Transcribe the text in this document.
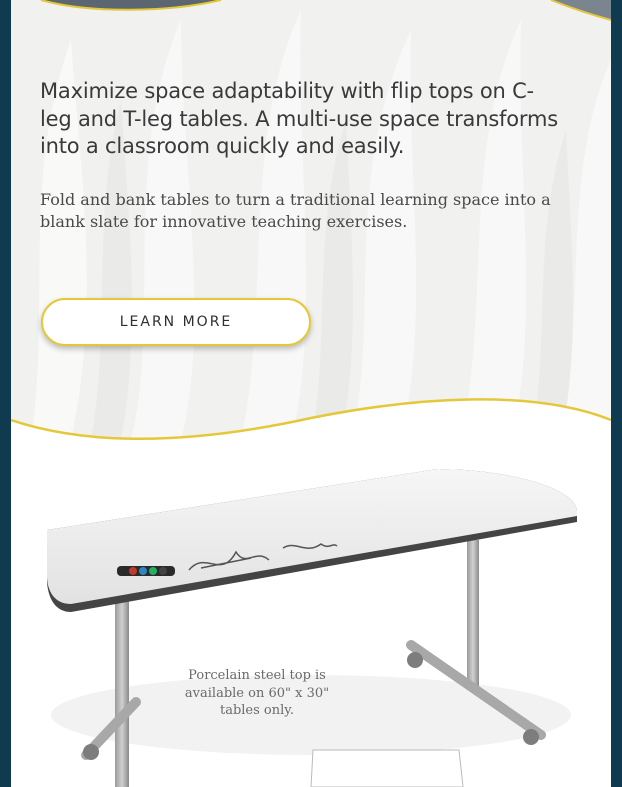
Maximize space adaptability with flip tops on C-leg and T-leg tables. A multi-use space transforms into a classroom quickly and easily.

Fold and bank tables to turn a traditional learning space into a blank slate for innovative teaching exercises.

LEARN MORE

Porcelain steel top is available on 60" x 30" tables only.
